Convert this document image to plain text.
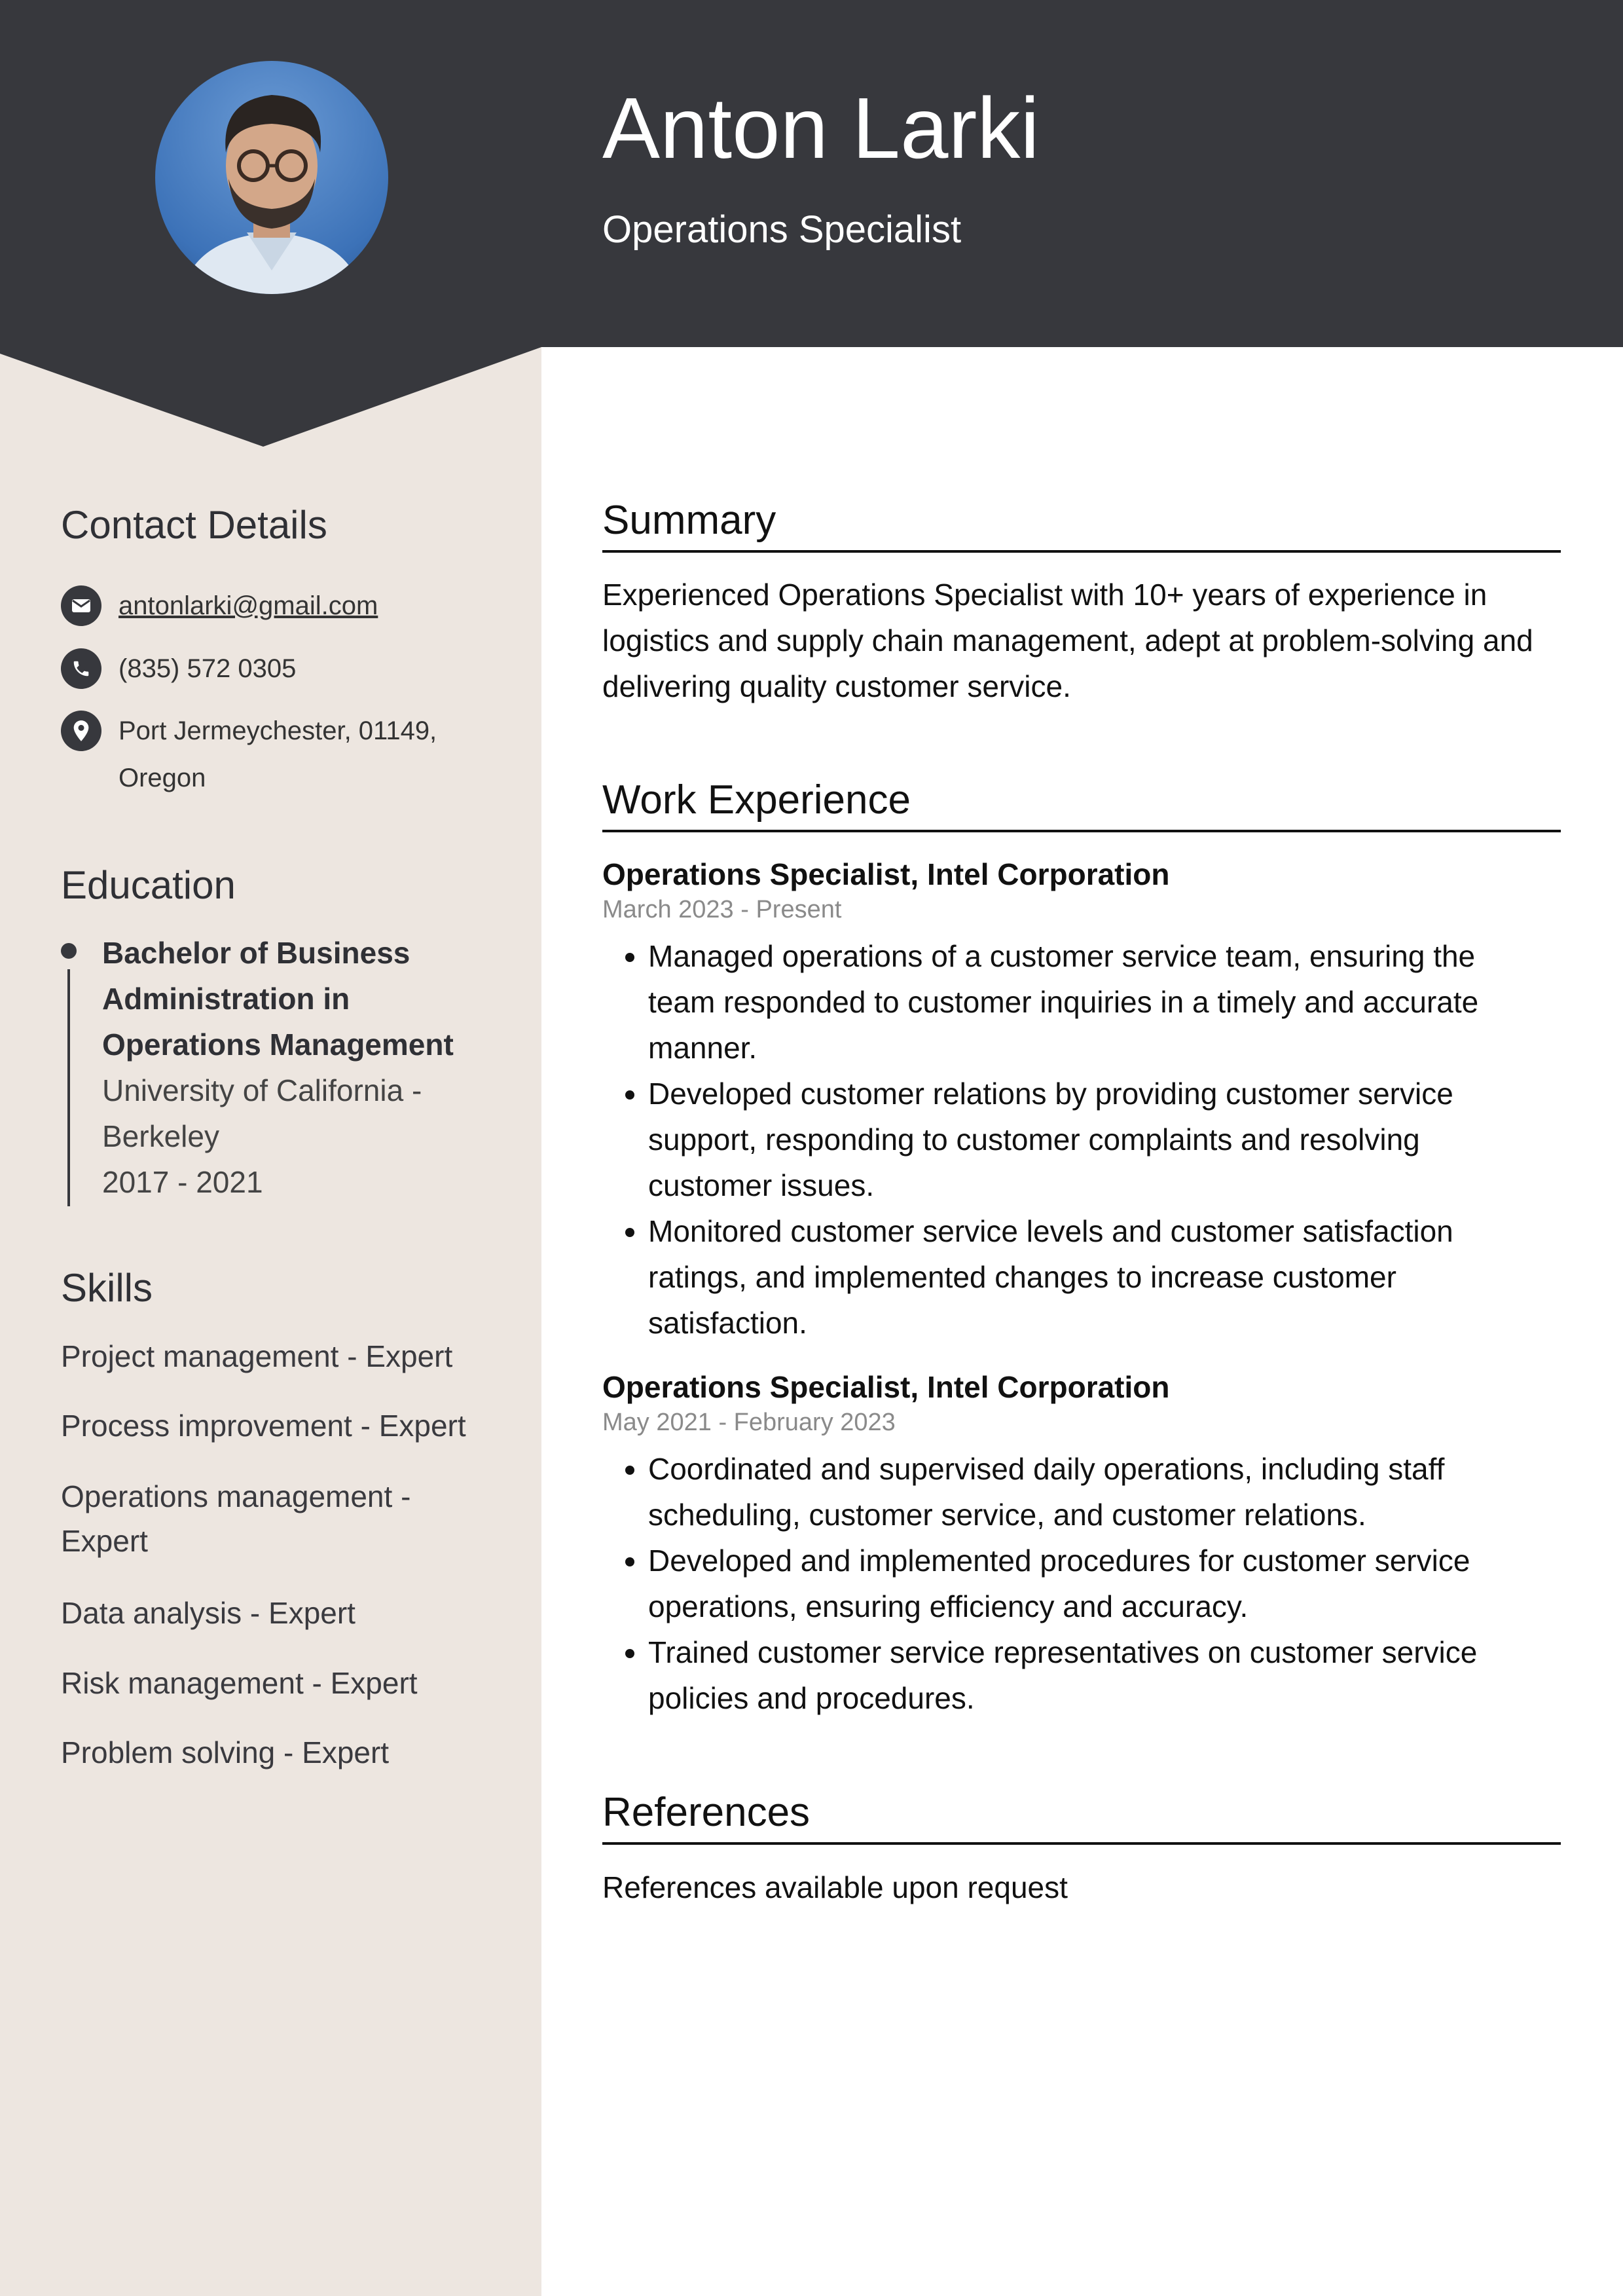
Anton Larki

Operations Specialist

Contact Details
antonlarki@gmail.com
(835) 572 0305
Port Jermeychester, 01149,
Oregon
Education
Bachelor of Business Administration in Operations Management
University of California - Berkeley
2017 - 2021
Skills
Project management - Expert
Process improvement - Expert
Operations management - Expert
Data analysis - Expert
Risk management - Expert
Problem solving - Expert
Summary

Experienced Operations Specialist with 10+ years of experience in logistics and supply chain management, adept at problem-solving and delivering quality customer service.

Work Experience

Operations Specialist, Intel Corporation

March 2023 - Present

• Managed operations of a customer service team, ensuring the team responded to customer inquiries in a timely and accurate manner.
• Developed customer relations by providing customer service support, responding to customer complaints and resolving customer issues.
• Monitored customer service levels and customer satisfaction ratings, and implemented changes to increase customer satisfaction.

Operations Specialist, Intel Corporation

May 2021 - February 2023

• Coordinated and supervised daily operations, including staff scheduling, customer service, and customer relations.
• Developed and implemented procedures for customer service operations, ensuring efficiency and accuracy.
• Trained customer service representatives on customer service policies and procedures.
References

References available upon request
